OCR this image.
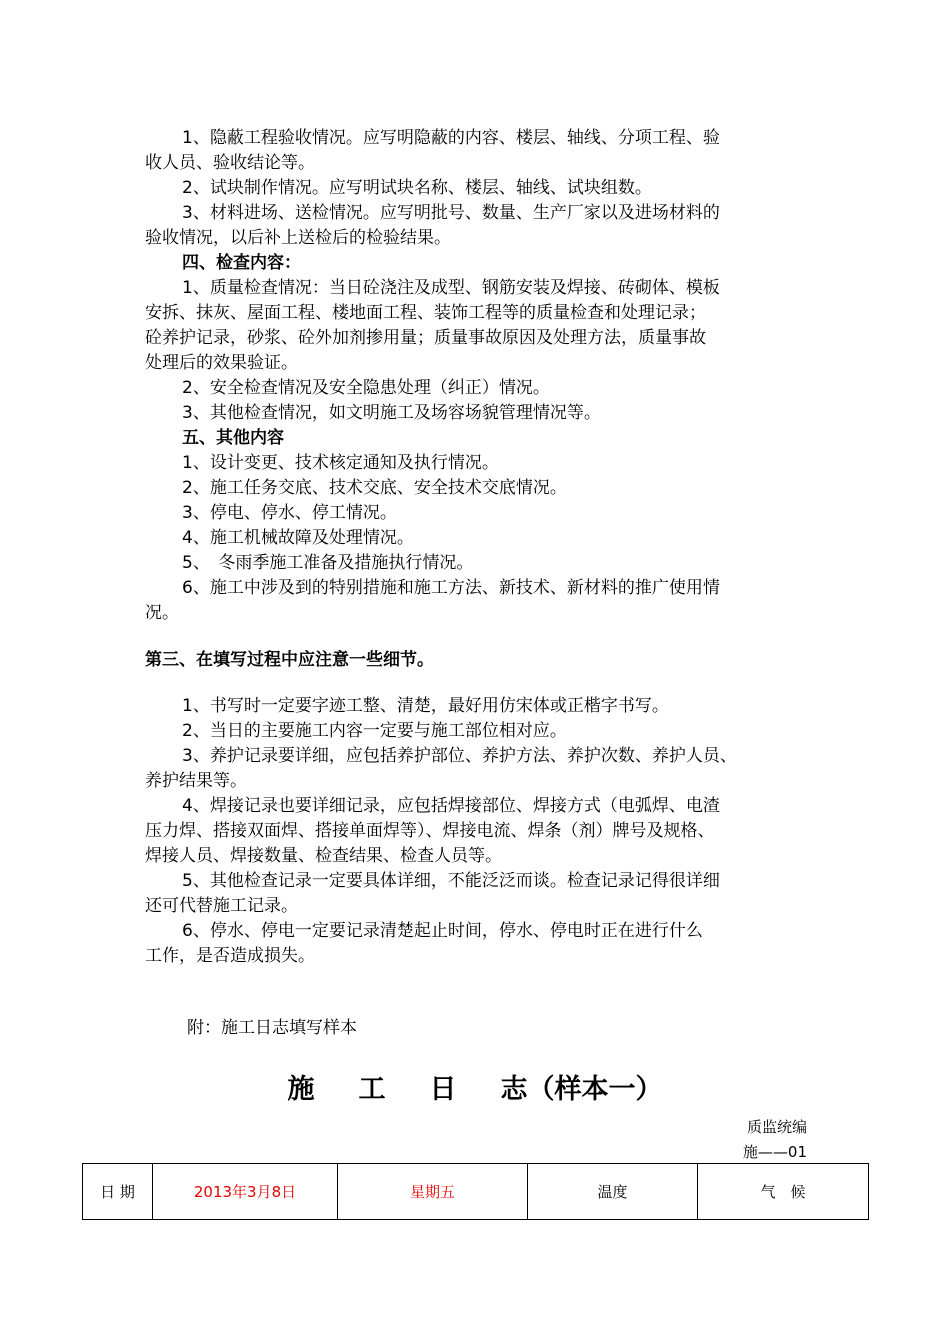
1、隐蔽工程验收情况。应写明隐蔽的内容、楼层、轴线、分项工程、验
收人员、验收结论等。
2、试块制作情况。应写明试块名称、楼层、轴线、试块组数。
3、材料进场、送检情况。应写明批号、数量、生产厂家以及进场材料的
验收情况，以后补上送检后的检验结果。
四、检查内容：
1、质量检查情况：当日砼浇注及成型、钢筋安装及焊接、砖砌体、模板
安拆、抹灰、屋面工程、楼地面工程、装饰工程等的质量检查和处理记录；
砼养护记录，砂浆、砼外加剂掺用量；质量事故原因及处理方法，质量事故
处理后的效果验证。
2、安全检查情况及安全隐患处理（纠正）情况。
3、其他检查情况，如文明施工及场容场貌管理情况等。
五、其他内容
1、设计变更、技术核定通知及执行情况。
2、施工任务交底、技术交底、安全技术交底情况。
3、停电、停水、停工情况。
4、施工机械故障及处理情况。
5、　冬雨季施工准备及措施执行情况。
6、施工中涉及到的特别措施和施工方法、新技术、新材料的推广使用情
况。
第三、在填写过程中应注意一些细节。
1、书写时一定要字迹工整、清楚，最好用仿宋体或正楷字书写。
2、当日的主要施工内容一定要与施工部位相对应。
3、养护记录要详细，应包括养护部位、养护方法、养护次数、养护人员、
养护结果等。
4、焊接记录也要详细记录，应包括焊接部位、焊接方式（电弧焊、电渣
压力焊、搭接双面焊、搭接单面焊等）、焊接电流、焊条（剂）牌号及规格、
焊接人员、焊接数量、检查结果、检查人员等。
5、其他检查记录一定要具体详细，不能泛泛而谈。检查记录记得很详细
还可代替施工记录。
6、停水、停电一定要记录清楚起止时间，停水、停电时正在进行什么
工作，是否造成损失。
附：施工日志填写样本
施 工 日 志（样本一）
质监统编
施——01
日 期	2013年3月8日	星期五	温度	气　候
